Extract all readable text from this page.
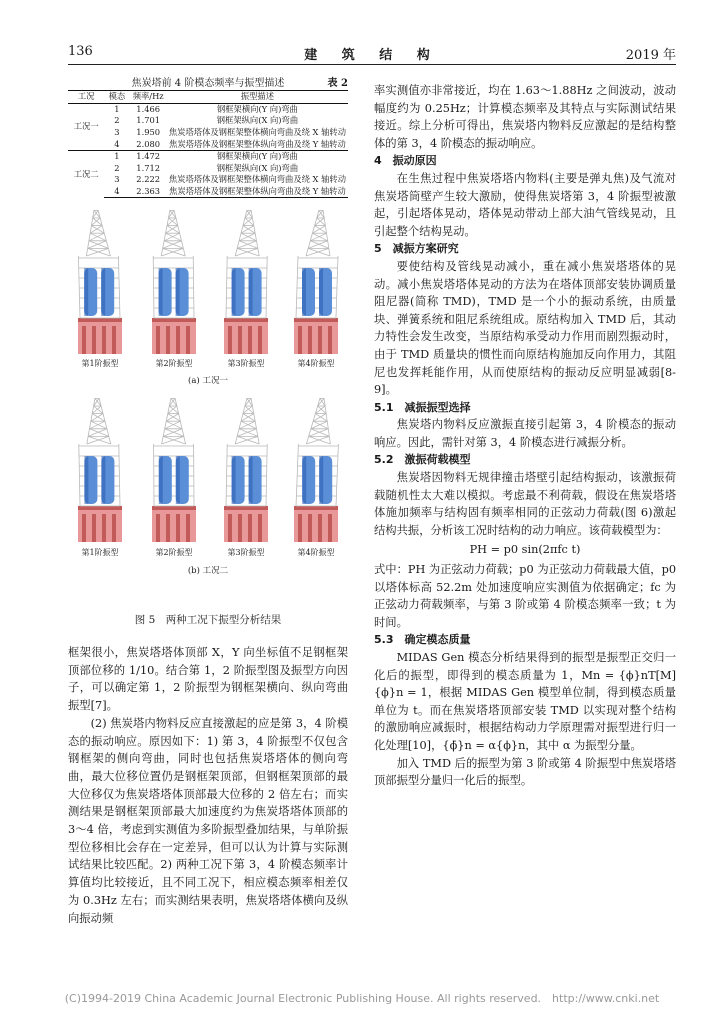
136	建 筑 结 构	2019 年
焦炭塔前 4 阶模态频率与振型描述	表 2
工况	模态	频率/Hz	振型描述
工况一	1	1.466	钢框架横向(Y 向)弯曲
	2	1.701	钢框架纵向(X 向)弯曲
	3	1.950	焦炭塔塔体及钢框架整体横向弯曲及绕 X 轴转动
	4	2.080	焦炭塔塔体及钢框架整体纵向弯曲及绕 Y 轴转动
工况二	1	1.472	钢框架横向(Y 向)弯曲
	2	1.712	钢框架纵向(X 向)弯曲
	3	2.222	焦炭塔塔体及钢框架整体横向弯曲及绕 X 轴转动
	4	2.363	焦炭塔塔体及钢框架整体纵向弯曲及绕 Y 轴转动
第1阶振型	第2阶振型	第3阶振型	第4阶振型
(a) 工况一
第1阶振型	第2阶振型	第3阶振型	第4阶振型
(b) 工况二
图 5　两种工况下振型分析结果

框架很小，焦炭塔塔体顶部 X，Y 向坐标值不足钢框架顶部位移的 1/10。结合第 1，2 阶振型图及振型方向因子，可以确定第 1，2 阶振型为钢框架横向、纵向弯曲振型[7]。

(2) 焦炭塔内物料反应直接激起的应是第 3，4 阶模态的振动响应。原因如下：1) 第 3，4 阶振型不仅包含钢框架的侧向弯曲，同时也包括焦炭塔塔体的侧向弯曲，最大位移位置仍是钢框架顶部，但钢框架顶部的最大位移仅为焦炭塔塔体顶部最大位移的 2 倍左右；而实测结果是钢框架顶部最大加速度约为焦炭塔塔体顶部的 3～4 倍，考虑到实测值为多阶振型叠加结果，与单阶振型位移相比会存在一定差异，但可以认为计算与实际测试结果比较匹配。2) 两种工况下第 3，4 阶模态频率计算值均比较接近，且不同工况下，相应模态频率相差仅为 0.3Hz 左右；而实测结果表明，焦炭塔塔体横向及纵向振动频

率实测值亦非常接近，均在 1.63～1.88Hz 之间波动，波动幅度约为 0.25Hz；计算模态频率及其特点与实际测试结果接近。综上分析可得出，焦炭塔内物料反应激起的是结构整体的第 3，4 阶模态的振动响应。

4　振动原因

在生焦过程中焦炭塔塔内物料(主要是弹丸焦)及气流对焦炭塔筒壁产生较大激励，使得焦炭塔第 3，4 阶振型被激起，引起塔体晃动，塔体晃动带动上部大油气管线晃动，且引起整个结构晃动。

5　减振方案研究

要使结构及管线晃动减小，重在减小焦炭塔塔体的晃动。减小焦炭塔塔体晃动的方法为在塔体顶部安装协调质量阻尼器(简称 TMD)，TMD 是一个小的振动系统，由质量块、弹簧系统和阻尼系统组成。原结构加入 TMD 后，其动力特性会发生改变，当原结构承受动力作用而剧烈振动时，由于 TMD 质量块的惯性而向原结构施加反向作用力，其阻尼也发挥耗能作用，从而使原结构的振动反应明显减弱[8-9]。

5.1　减振振型选择

焦炭塔内物料反应激振直接引起第 3，4 阶模态的振动响应。因此，需针对第 3，4 阶模态进行减振分析。

5.2　激振荷载模型

焦炭塔因物料无规律撞击塔壁引起结构振动，该激振荷载随机性太大难以模拟。考虑最不利荷载，假设在焦炭塔塔体施加频率与结构固有频率相同的正弦动力荷载(图 6)激起结构共振，分析该工况时结构的动力响应。该荷载模型为：

PH = p0 sin(2πfc t)

式中：PH 为正弦动力荷载；p0 为正弦动力荷载最大值，p0 以塔体标高 52.2m 处加速度响应实测值为依据确定；fc 为正弦动力荷载频率，与第 3 阶或第 4 阶模态频率一致；t 为时间。

5.3　确定模态质量

MIDAS Gen 模态分析结果得到的振型是振型正交归一化后的振型，即得到的模态质量为 1，Mn = {ϕ}nT[M]{ϕ}n = 1，根据 MIDAS Gen 模型单位制，得到模态质量单位为 t。而在焦炭塔塔顶部安装 TMD 以实现对整个结构的激励响应减振时，根据结构动力学原理需对振型进行归一化处理[10]，{ϕ̄}n = α{ϕ}n，其中 α 为振型分量。

加入 TMD 后的振型为第 3 阶或第 4 阶振型中焦炭塔塔顶部振型分量归一化后的振型。

(C)1994-2019 China Academic Journal Electronic Publishing House. All rights reserved.　http://www.cnki.net
